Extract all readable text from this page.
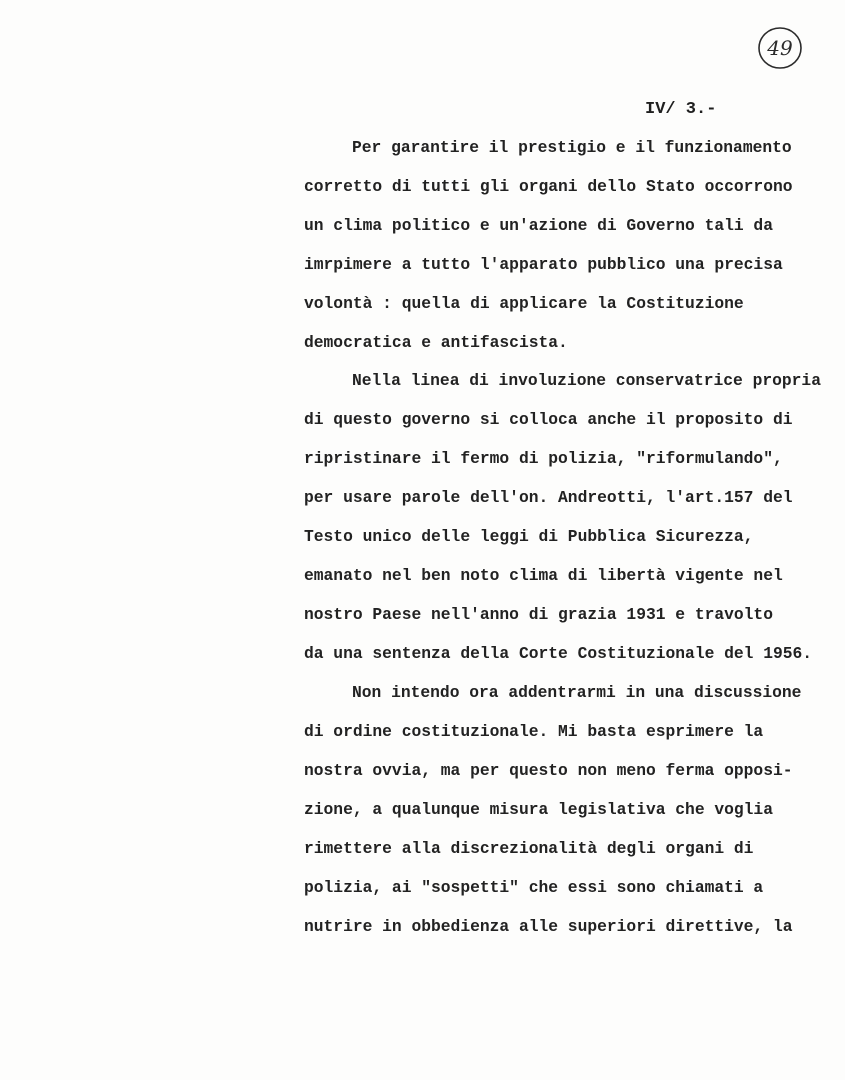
49
IV/ 3.-
Per garantire il prestigio e il funzionamento
corretto di tutti gli organi dello Stato occorrono
un clima politico e un'azione di Governo tali da
imrpimere a tutto l'apparato pubblico una precisa
volontà : quella di applicare la Costituzione
democratica e antifascista.
Nella linea di involuzione conservatrice propria
di questo governo si colloca anche il proposito di
ripristinare il fermo di polizia, "riformulando",
per usare parole dell'on. Andreotti, l'art.157 del
Testo unico delle leggi di Pubblica Sicurezza,
emanato nel ben noto clima di libertà vigente nel
nostro Paese nell'anno di grazia 1931 e travolto
da una sentenza della Corte Costituzionale del 1956.
Non intendo ora addentrarmi in una discussione
di ordine costituzionale. Mi basta esprimere la
nostra ovvia, ma per questo non meno ferma opposi-
zione, a qualunque misura legislativa che voglia
rimettere alla discrezionalità degli organi di
polizia, ai "sospetti" che essi sono chiamati a
nutrire in obbedienza alle superiori direttive, la
